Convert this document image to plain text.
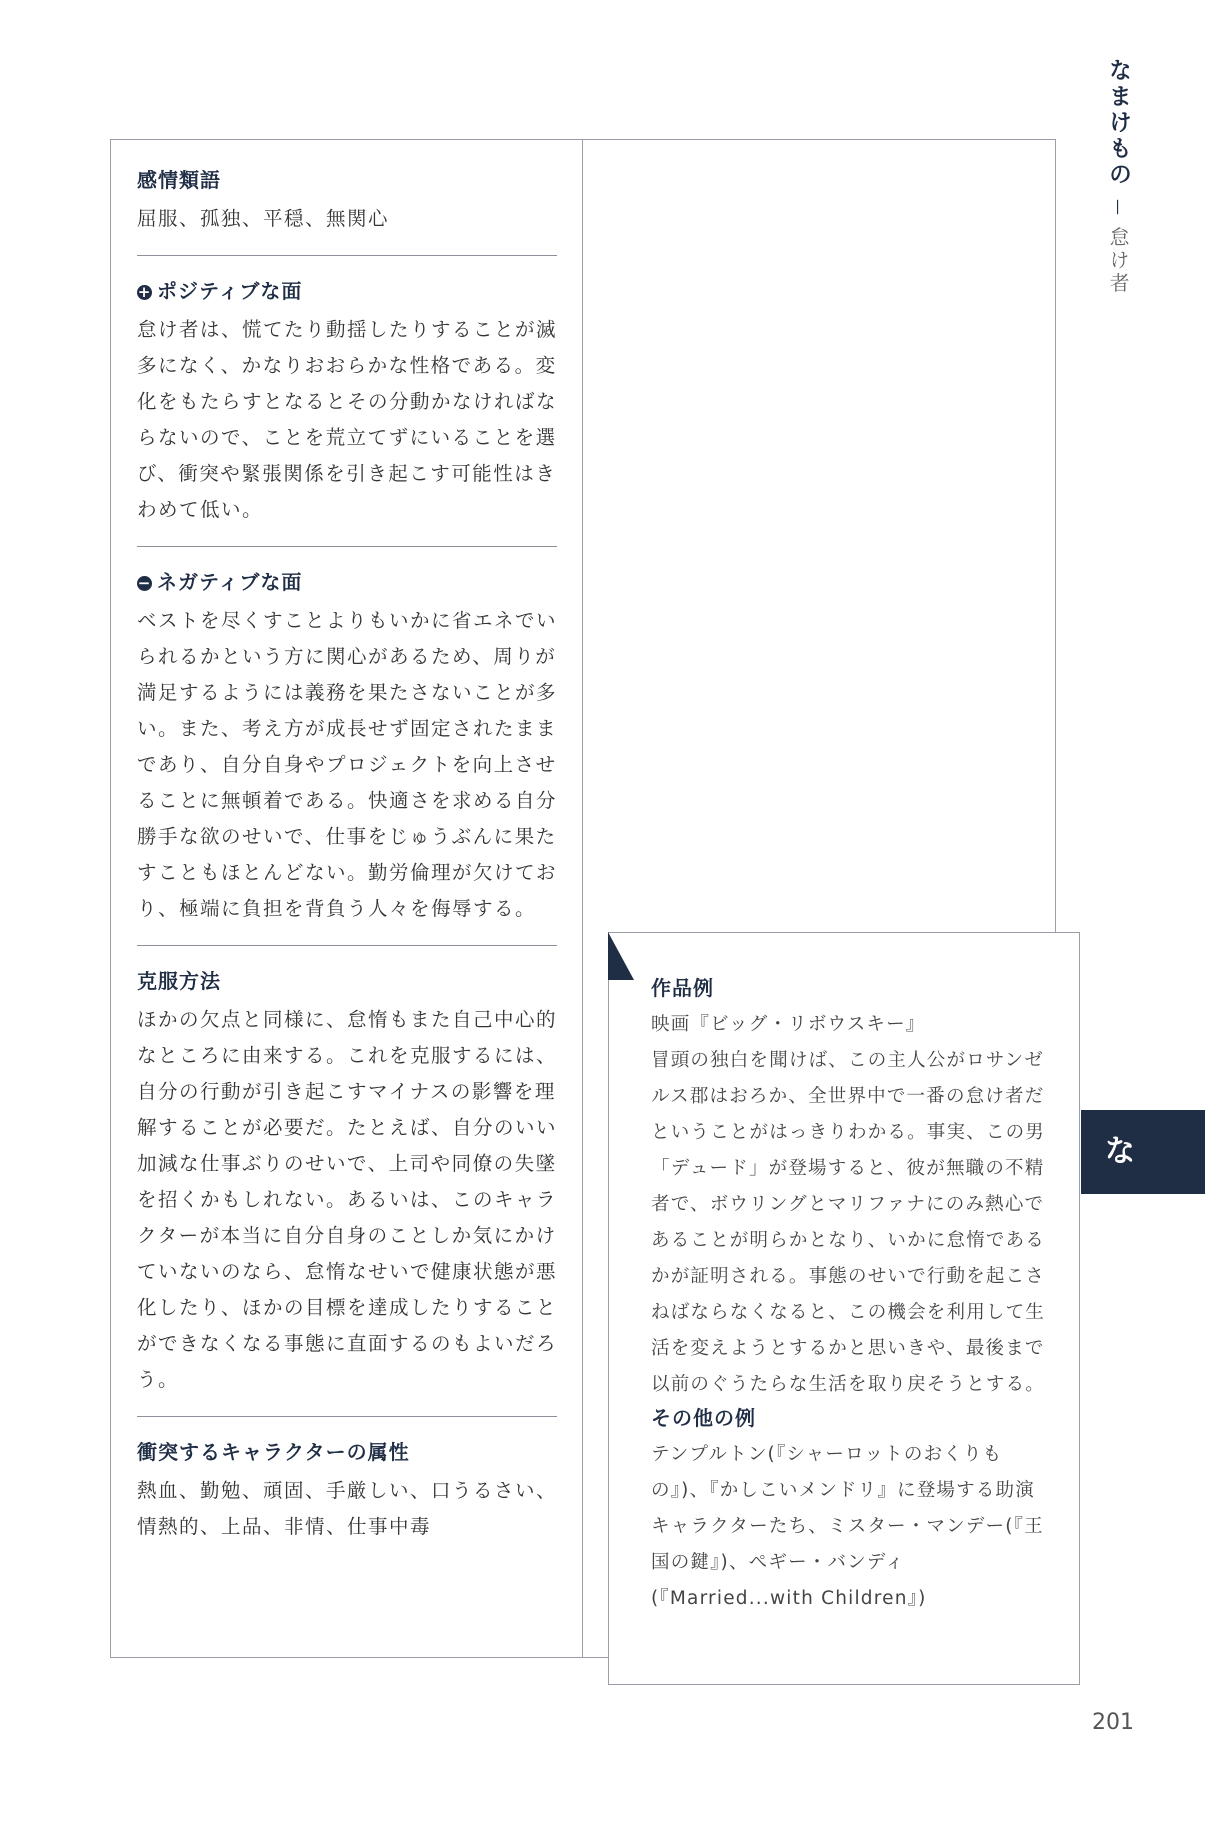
なまけもの — 怠け者
な
感情類語

屈服、孤独、平穏、無関心

+ ポジティブな面

怠け者は、慌てたり動揺したりすることが滅多になく、かなりおおらかな性格である。変化をもたらすとなるとその分動かなければならないので、ことを荒立てずにいることを選び、衝突や緊張関係を引き起こす可能性はきわめて低い。

− ネガティブな面

ベストを尽くすことよりもいかに省エネでいられるかという方に関心があるため、周りが満足するようには義務を果たさないことが多い。また、考え方が成長せず固定されたままであり、自分自身やプロジェクトを向上させることに無頓着である。快適さを求める自分勝手な欲のせいで、仕事をじゅうぶんに果たすこともほとんどない。勤労倫理が欠けており、極端に負担を背負う人々を侮辱する。

克服方法

ほかの欠点と同様に、怠惰もまた自己中心的なところに由来する。これを克服するには、自分の行動が引き起こすマイナスの影響を理解することが必要だ。たとえば、自分のいい加減な仕事ぶりのせいで、上司や同僚の失墜を招くかもしれない。あるいは、このキャラクターが本当に自分自身のことしか気にかけていないのなら、怠惰なせいで健康状態が悪化したり、ほかの目標を達成したりすることができなくなる事態に直面するのもよいだろう。

衝突するキャラクターの属性

熱血、勤勉、頑固、手厳しい、口うるさい、情熱的、上品、非情、仕事中毒

作品例

映画『ビッグ・リボウスキー』

冒頭の独白を聞けば、この主人公がロサンゼルス郡はおろか、全世界中で一番の怠け者だということがはっきりわかる。事実、この男「デュード」が登場すると、彼が無職の不精者で、ボウリングとマリファナにのみ熱心であることが明らかとなり、いかに怠惰であるかが証明される。事態のせいで行動を起こさねばならなくなると、この機会を利用して生活を変えようとするかと思いきや、最後まで以前のぐうたらな生活を取り戻そうとする。

その他の例

テンプルトン(『シャーロットのおくりもの』)、『かしこいメンドリ』に登場する助演キャラクターたち、ミスター・マンデー(『王国の鍵』)、ペギー・バンディ(『Married...with Children』)

201
